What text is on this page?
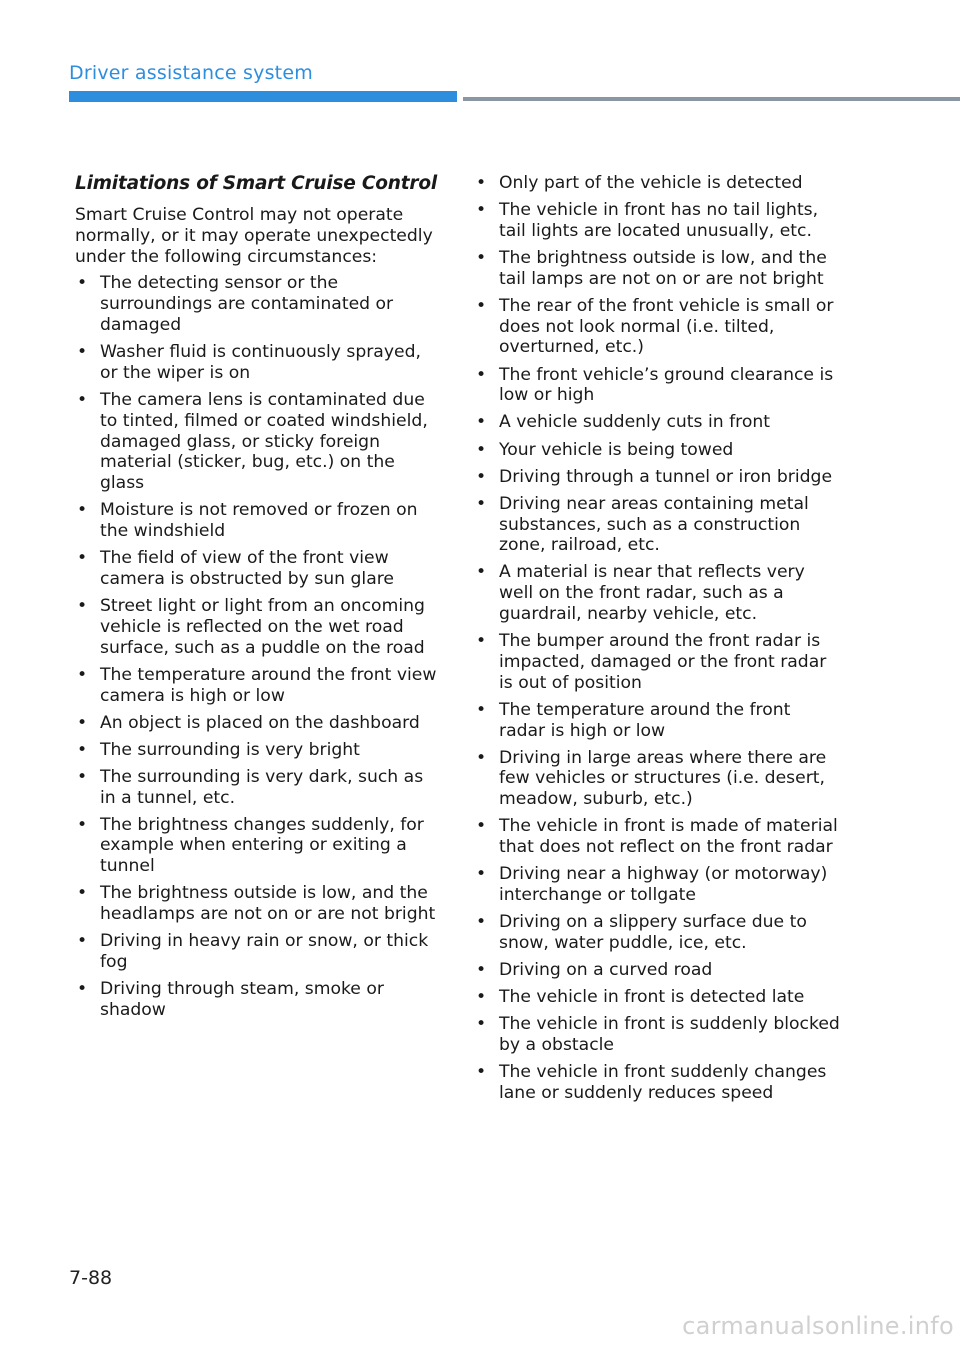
Driver assistance system
Limitations of Smart Cruise Control

Smart Cruise Control may not operate normally, or it may operate unexpectedly under the following circumstances:

• The detecting sensor or the surroundings are contaminated or damaged
• Washer fluid is continuously sprayed, or the wiper is on
• The camera lens is contaminated due to tinted, filmed or coated windshield, damaged glass, or sticky foreign material (sticker, bug, etc.) on the glass
• Moisture is not removed or frozen on the windshield
• The field of view of the front view camera is obstructed by sun glare
• Street light or light from an oncoming vehicle is reflected on the wet road surface, such as a puddle on the road
• The temperature around the front view camera is high or low
• An object is placed on the dashboard
• The surrounding is very bright
• The surrounding is very dark, such as in a tunnel, etc.
• The brightness changes suddenly, for example when entering or exiting a tunnel
• The brightness outside is low, and the headlamps are not on or are not bright
• Driving in heavy rain or snow, or thick fog
• Driving through steam, smoke or shadow
• Only part of the vehicle is detected
• The vehicle in front has no tail lights, tail lights are located unusually, etc.
• The brightness outside is low, and the tail lamps are not on or are not bright
• The rear of the front vehicle is small or does not look normal (i.e. tilted, overturned, etc.)
• The front vehicle’s ground clearance is low or high
• A vehicle suddenly cuts in front
• Your vehicle is being towed
• Driving through a tunnel or iron bridge
• Driving near areas containing metal substances, such as a construction zone, railroad, etc.
• A material is near that reflects very well on the front radar, such as a guardrail, nearby vehicle, etc.
• The bumper around the front radar is impacted, damaged or the front radar is out of position
• The temperature around the front radar is high or low
• Driving in large areas where there are few vehicles or structures (i.e. desert, meadow, suburb, etc.)
• The vehicle in front is made of material that does not reflect on the front radar
• Driving near a highway (or motorway) interchange or tollgate
• Driving on a slippery surface due to snow, water puddle, ice, etc.
• Driving on a curved road
• The vehicle in front is detected late
• The vehicle in front is suddenly blocked by a obstacle
• The vehicle in front suddenly changes lane or suddenly reduces speed
7-88
carmanualsonline.info
